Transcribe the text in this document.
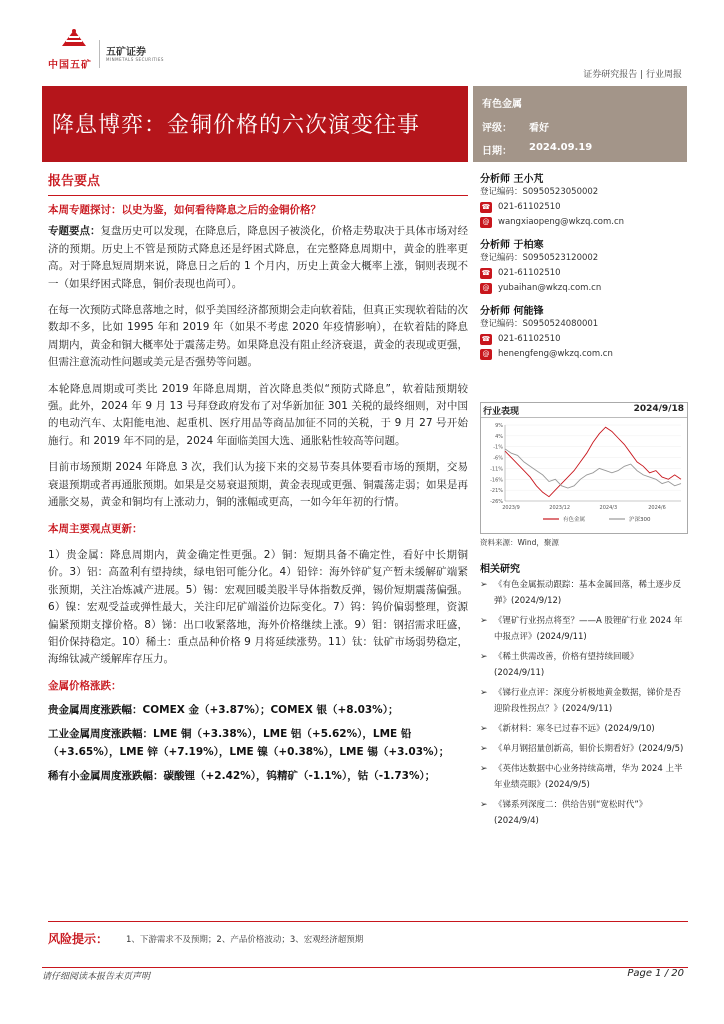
中国五矿
五矿证券
MINMETALS SECURITIES
证券研究报告 | 行业周报
降息博弈：金铜价格的六次演变往事
有色金属
评级： 看好
日期： 2024.09.19
报告要点
本周专题探讨：以史为鉴，如何看待降息之后的金铜价格？
专题要点：复盘历史可以发现，在降息后，降息因子被淡化，价格走势取决于具体市场对经济的预期。历史上不管是预防式降息还是纾困式降息，在完整降息周期中，黄金的胜率更高。对于降息短周期来说，降息日之后的 1 个月内，历史上黄金大概率上涨，铜则表现不一（如果纾困式降息，铜价表现也尚可）。
在每一次预防式降息落地之时，似乎美国经济都预期会走向软着陆，但真正实现软着陆的次数却不多，比如 1995 年和 2019 年（如果不考虑 2020 年疫情影响），在软着陆的降息周期内，黄金和铜大概率处于震荡走势。如果降息没有阻止经济衰退，黄金的表现或更强，但需注意流动性问题或美元是否强势等问题。
本轮降息周期或可类比 2019 年降息周期，首次降息类似“预防式降息”，软着陆预期较强。此外，2024 年 9 月 13 号拜登政府发布了对华新加征 301 关税的最终细则，对中国的电动汽车、太阳能电池、起重机、医疗用品等商品加征不同的关税，于 9 月 27 号开始施行。和 2019 年不同的是，2024 年面临美国大选、通胀粘性较高等问题。
目前市场预期 2024 年降息 3 次，我们认为接下来的交易节奏具体要看市场的预期，交易衰退预期或者再通胀预期。如果是交易衰退预期，黄金表现或更强、铜震荡走弱；如果是再通胀交易，黄金和铜均有上涨动力，铜的涨幅或更高，一如今年年初的行情。
本周主要观点更新：
1）贵金属：降息周期内，黄金确定性更强。2）铜：短期具备不确定性，看好中长期铜价。3）铝：高盈利有望持续，绿电铝可能分化。4）铅锌：海外锌矿复产暂未缓解矿端紧张预期，关注冶炼减产进展。5）锡：宏观回暖美股半导体指数反弹，锡价短期震荡偏强。6）镍：宏观受益或弹性最大，关注印尼矿端溢价边际变化。7）钨：钨价偏弱整理，资源偏紧预期支撑价格。8）锑：出口收紧落地，海外价格继续上涨。9）钼：钢招需求旺盛，钼价保持稳定。10）稀土：重点品种价格 9 月将延续涨势。11）钛：钛矿市场弱势稳定，海绵钛减产缓解库存压力。
金属价格涨跌：
贵金属周度涨跌幅：COMEX 金（+3.87%）；COMEX 银（+8.03%）；
工业金属周度涨跌幅：LME 铜（+3.38%），LME 铝（+5.62%），LME 铅（+3.65%），LME 锌（+7.19%），LME 镍（+0.38%），LME 锡（+3.03%）；
稀有小金属周度涨跌幅：碳酸锂（+2.42%），钨精矿（-1.1%），钴（-1.73%）；
分析师 王小芃
登记编码：S0950523050002
☎ 021-61102510
@ wangxiaopeng@wkzq.com.cn
分析师 于柏寒
登记编码：S0950523120002
☎ 021-61102510
@ yubaihan@wkzq.com.cn
分析师 何能锋
登记编码：S0950524080001
☎ 021-61102510
@ henengfeng@wkzq.com.cn
行业表现	2024/9/18
9%
4%
-1%
-6%
-11%
-16%
-21%
-26%
2023/9	2023/12	2024/3	2024/6
有色金属	沪深300
资料来源：Wind，聚源
相关研究
➢ 《有色金属振动跟踪：基本金属回落，稀土逐步反弹》(2024/9/12)
➢ 《锂矿行业拐点将至？——A 股锂矿行业 2024 年中报点评》(2024/9/11)
➢ 《稀土供需改善，价格有望持续回暖》(2024/9/11)
➢ 《锑行业点评：深度分析极地黄金数据，锑价是否迎阶段性拐点？》(2024/9/11)
➢ 《新材料：寒冬已过春不远》(2024/9/10)
➢ 《单月钢招量创新高，钼价长期看好》(2024/9/5)
➢ 《英伟达数据中心业务持续高增，华为 2024 上半年业绩亮眼》(2024/9/5)
➢ 《锑系列深度二：供给告别“宽松时代”》(2024/9/4)
风险提示： 1、下游需求不及预期；2、产品价格波动；3、宏观经济超预期
请仔细阅读本报告末页声明	Page 1 / 20
